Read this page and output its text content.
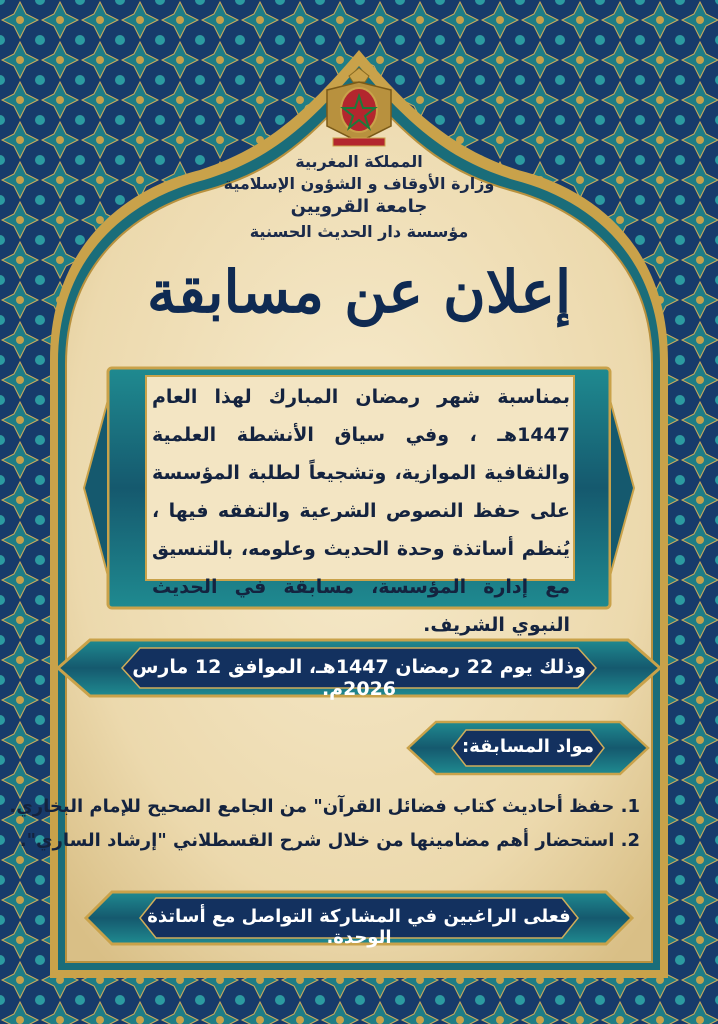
المملكة المغربية
وزارة الأوقاف و الشؤون الإسلامية
جامعة القرويين
مؤسسة دار الحديث الحسنية
إعلان عن مسابقة
بمناسبة شهر رمضان المبارك لهذا العام 1447هـ ، وفي سياق الأنشطة العلمية والثقافية الموازية، وتشجيعاً لطلبة المؤسسة على حفظ النصوص الشرعية والتفقه فيها ، يُنظم أساتذة وحدة الحديث وعلومه، بالتنسيق مع إدارة المؤسسة، مسابقة في الحديث النبوي الشريف.
وذلك يوم 22 رمضان 1447هـ، الموافق 12 مارس 2026م.
مواد المسابقة:
1. حفظ أحاديث كتاب فضائل القرآن" من الجامع الصحيح للإمام البخاري.
2. استحضار أهم مضامينها من خلال شرح القسطلاني "إرشاد الساري".
فعلى الراغبين في المشاركة التواصل مع أساتذة الوحدة.
